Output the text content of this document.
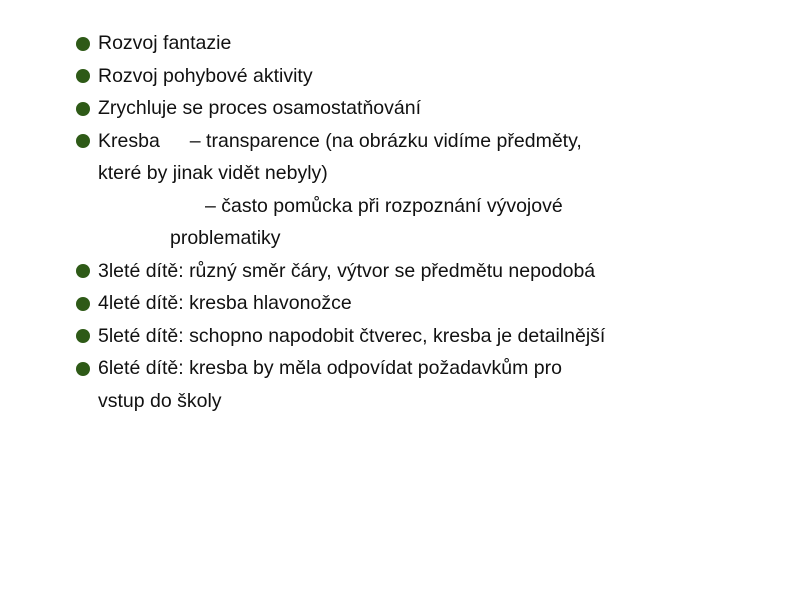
Rozvoj fantazie
Rozvoj pohybové aktivity
Zrychluje se proces osamostatňování
Kresba – transparence (na obrázku vidíme předměty,
které by jinak vidět nebyly)
– často pomůcka při rozpoznání vývojové
problematiky
3leté dítě: různý směr čáry, výtvor se předmětu nepodobá
4leté dítě: kresba hlavonožce
5leté dítě: schopno napodobit čtverec, kresba je detailnější
6leté dítě: kresba by měla odpovídat požadavkům pro
vstup do školy
